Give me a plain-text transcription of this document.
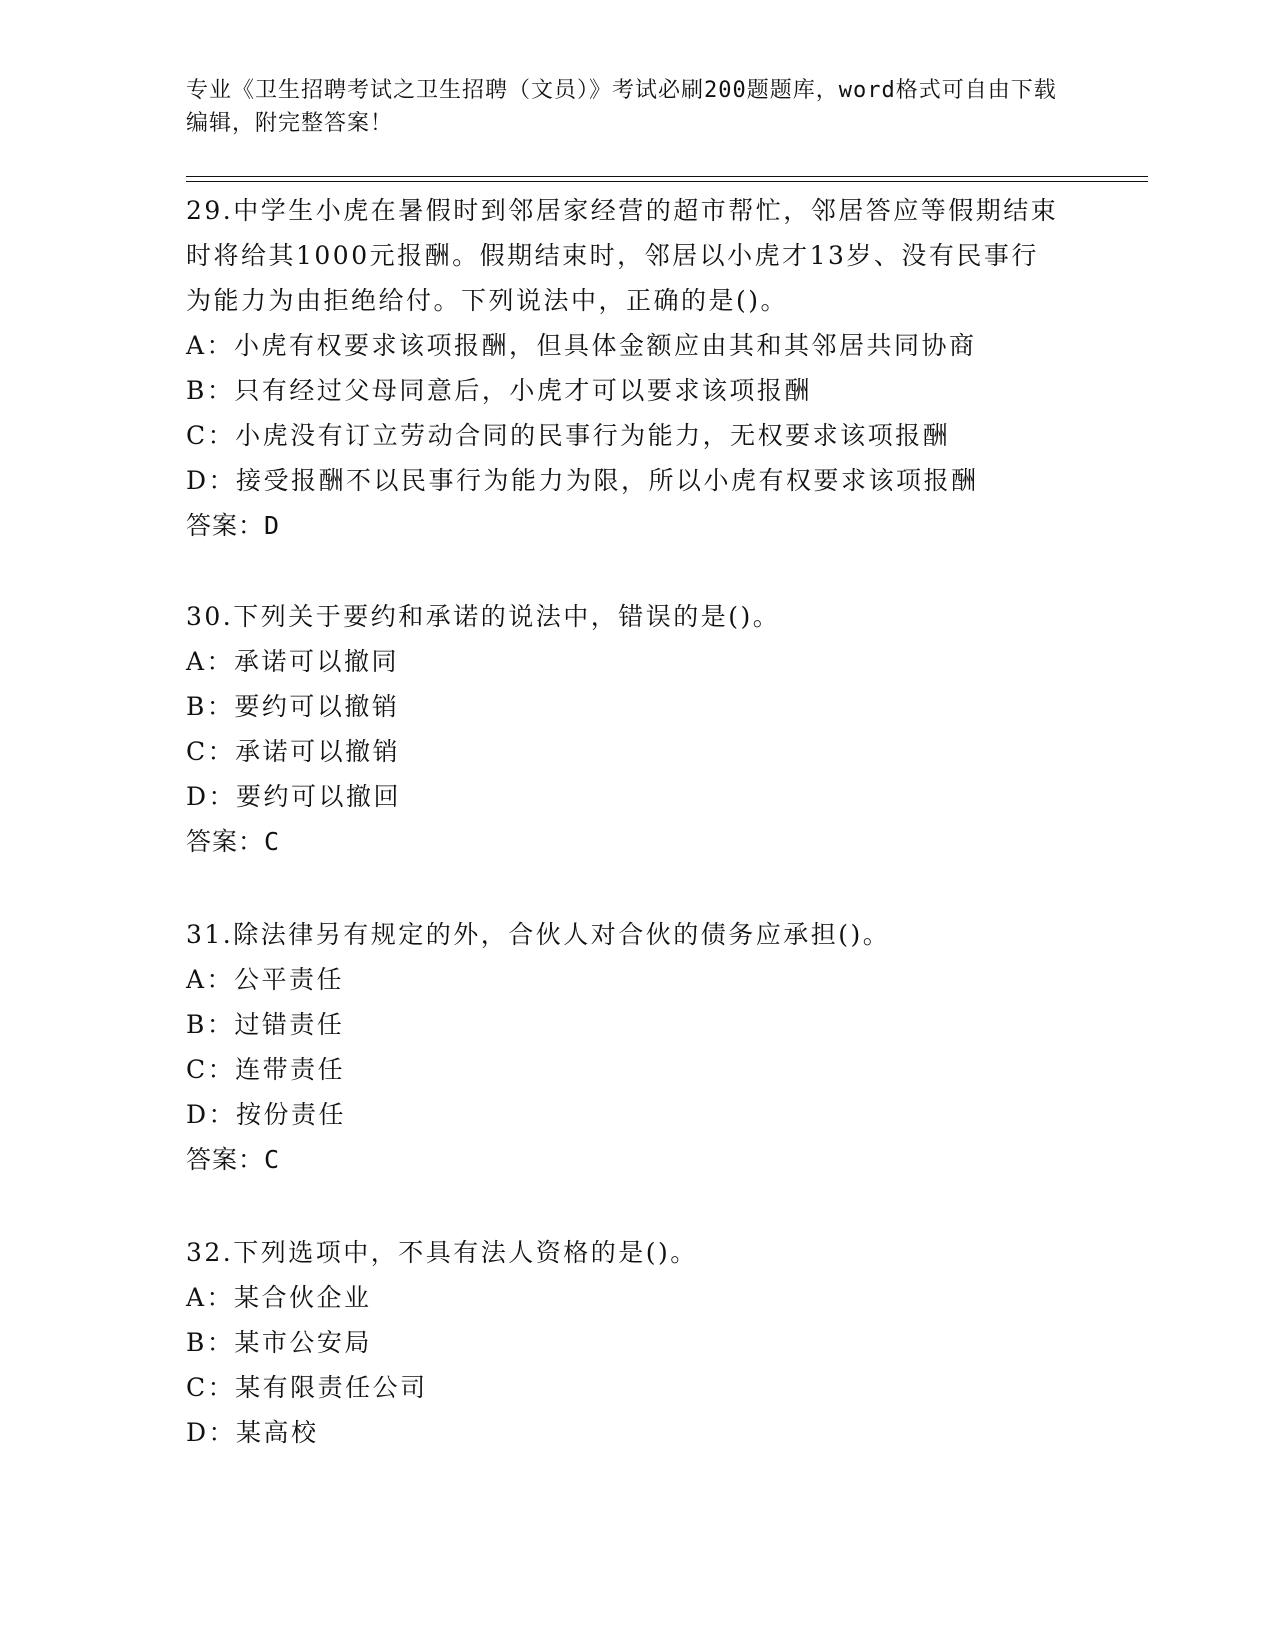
专业《卫生招聘考试之卫生招聘（文员）》考试必刷200题题库，word格式可自由下载编辑，附完整答案！

29.中学生小虎在暑假时到邻居家经营的超市帮忙，邻居答应等假期结束时将给其1000元报酬。假期结束时，邻居以小虎才13岁、没有民事行为能力为由拒绝给付。下列说法中，正确的是()。

A：小虎有权要求该项报酬，但具体金额应由其和其邻居共同协商

B：只有经过父母同意后，小虎才可以要求该项报酬

C：小虎没有订立劳动合同的民事行为能力，无权要求该项报酬

D：接受报酬不以民事行为能力为限，所以小虎有权要求该项报酬

答案：D

30.下列关于要约和承诺的说法中，错误的是()。

A：承诺可以撤同

B：要约可以撤销

C：承诺可以撤销

D：要约可以撤回

答案：C

31.除法律另有规定的外，合伙人对合伙的债务应承担()。

A：公平责任

B：过错责任

C：连带责任

D：按份责任

答案：C

32.下列选项中，不具有法人资格的是()。

A：某合伙企业

B：某市公安局

C：某有限责任公司

D：某高校
